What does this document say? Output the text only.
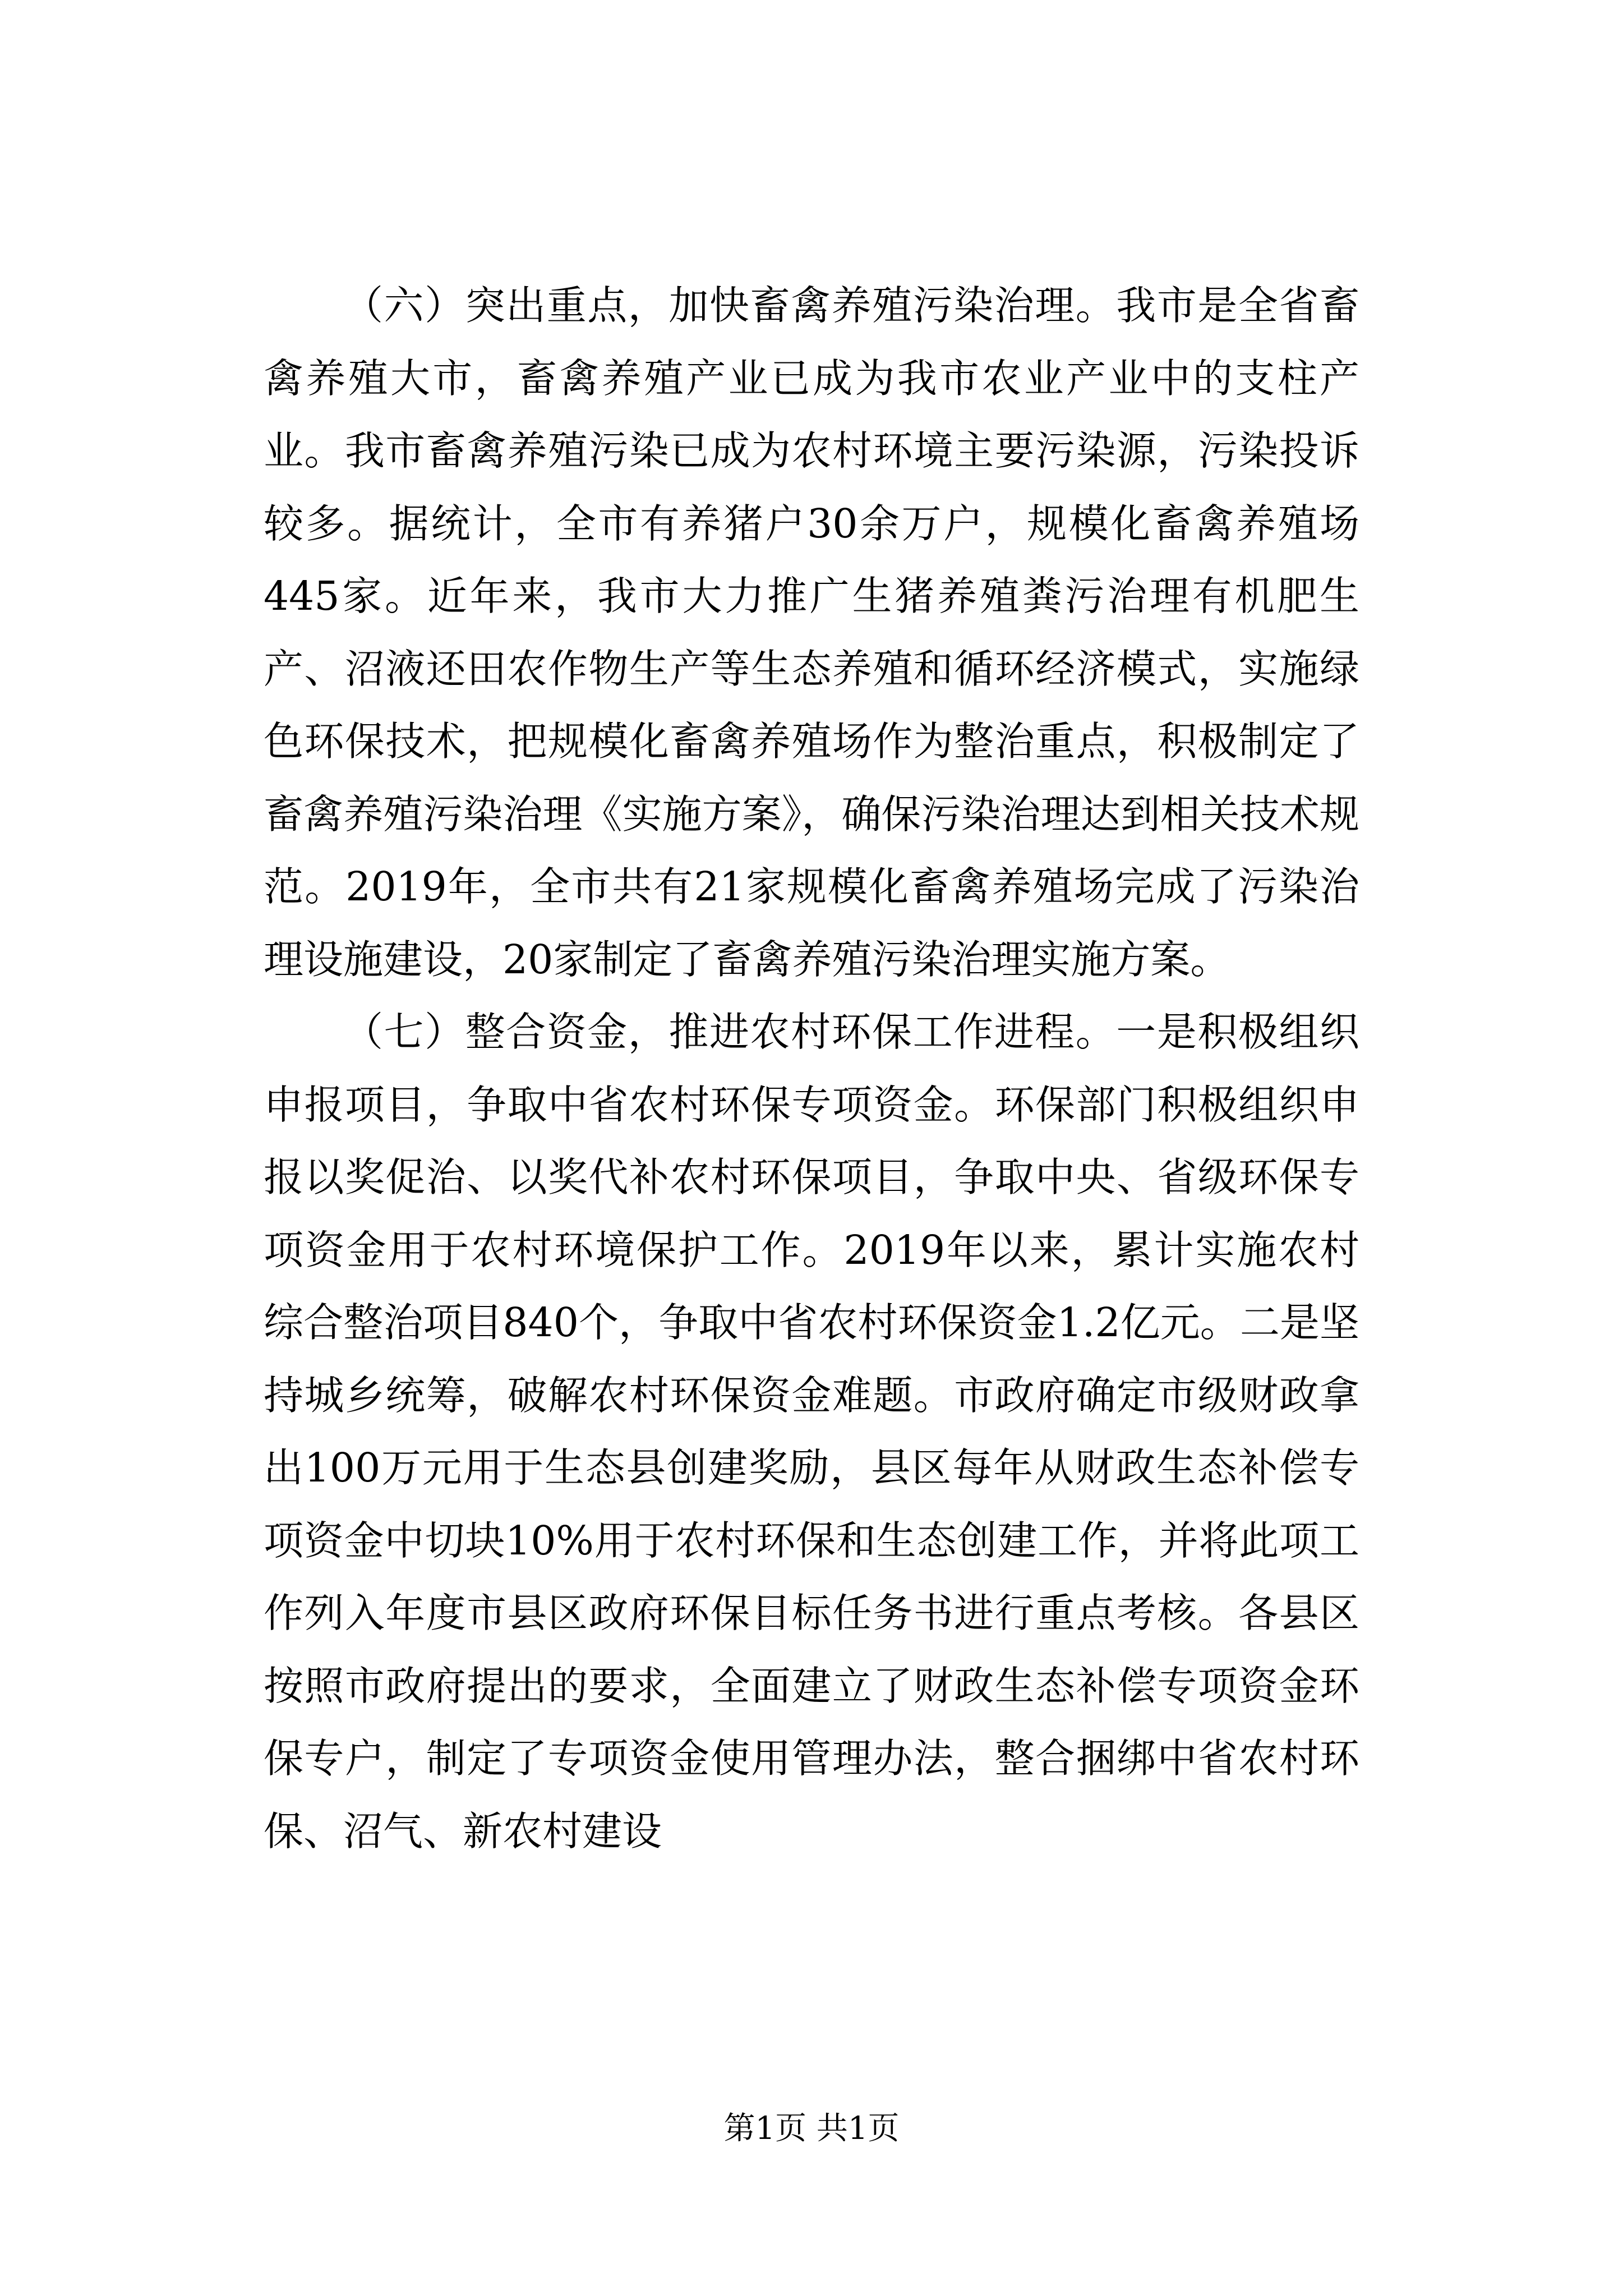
（六）突出重点，加快畜禽养殖污染治理。我市是全省畜禽养殖大市，畜禽养殖产业已成为我市农业产业中的支柱产业。我市畜禽养殖污染已成为农村环境主要污染源，污染投诉较多。据统计，全市有养猪户30余万户，规模化畜禽养殖场445家。近年来，我市大力推广生猪养殖粪污治理有机肥生产、沼液还田农作物生产等生态养殖和循环经济模式，实施绿色环保技术，把规模化畜禽养殖场作为整治重点，积极制定了畜禽养殖污染治理《实施方案》，确保污染治理达到相关技术规范。2019年，全市共有21家规模化畜禽养殖场完成了污染治理设施建设，20家制定了畜禽养殖污染治理实施方案。

（七）整合资金，推进农村环保工作进程。一是积极组织申报项目，争取中省农村环保专项资金。环保部门积极组织申报以奖促治、以奖代补农村环保项目，争取中央、省级环保专项资金用于农村环境保护工作。2019年以来，累计实施农村综合整治项目840个，争取中省农村环保资金1.2亿元。二是坚持城乡统筹，破解农村环保资金难题。市政府确定市级财政拿出100万元用于生态县创建奖励，县区每年从财政生态补偿专项资金中切块10%用于农村环保和生态创建工作，并将此项工作列入年度市县区政府环保目标任务书进行重点考核。各县区按照市政府提出的要求，全面建立了财政生态补偿专项资金环保专户，制定了专项资金使用管理办法，整合捆绑中省农村环保、沼气、新农村建设

第1页 共1页
